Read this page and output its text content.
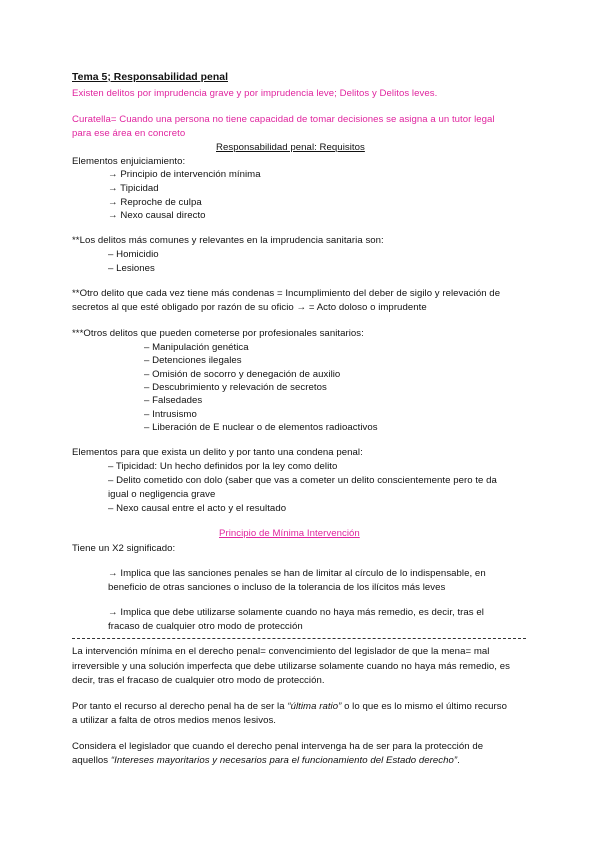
Tema 5; Responsabilidad penal
Existen delitos por imprudencia grave y por imprudencia leve; Delitos y Delitos leves.
Curatella= Cuando una persona no tiene capacidad de tomar decisiones se asigna a un tutor legal
para ese área en concreto
Responsabilidad penal: Requisitos
Elementos enjuiciamiento:
→ Principio de intervención mínima
→ Tipicidad
→ Reproche de culpa
→ Nexo causal directo
**Los delitos más comunes y relevantes en la imprudencia sanitaria son:
– Homicidio
– Lesiones
**Otro delito que cada vez tiene más condenas = Incumplimiento del deber de sigilo y relevación de
secretos al que esté obligado por razón de su oficio → = Acto doloso o imprudente
***Otros delitos que pueden cometerse por profesionales sanitarios:
– Manipulación genética
– Detenciones ilegales
– Omisión de socorro y denegación de auxilio
– Descubrimiento y relevación de secretos
– Falsedades
– Intrusismo
– Liberación de E nuclear o de elementos radioactivos
Elementos para que exista un delito y por tanto una condena penal:
– Tipicidad: Un hecho definidos por la ley como delito
– Delito cometido con dolo (saber que vas a cometer un delito conscientemente pero te da
igual o negligencia grave
– Nexo causal entre el acto y el resultado
Principio de Mínima Intervención
Tiene un X2 significado:
→ Implica que las sanciones penales se han de limitar al círculo de lo indispensable, en
beneficio de otras sanciones o incluso de la tolerancia de los ilícitos más leves
→ Implica que debe utilizarse solamente cuando no haya más remedio, es decir, tras el
fracaso de cualquier otro modo de protección
La intervención mínima en el derecho penal= convencimiento del legislador de que la mena= mal
irreversible y una solución imperfecta que debe utilizarse solamente cuando no haya más remedio, es
decir, tras el fracaso de cualquier otro modo de protección.
Por tanto el recurso al derecho penal ha de ser la “última ratio” o lo que es lo mismo el último recurso
a utilizar a falta de otros medios menos lesivos.
Considera el legislador que cuando el derecho penal intervenga ha de ser para la protección de
aquellos “Intereses mayoritarios y necesarios para el funcionamiento del Estado derecho”.
